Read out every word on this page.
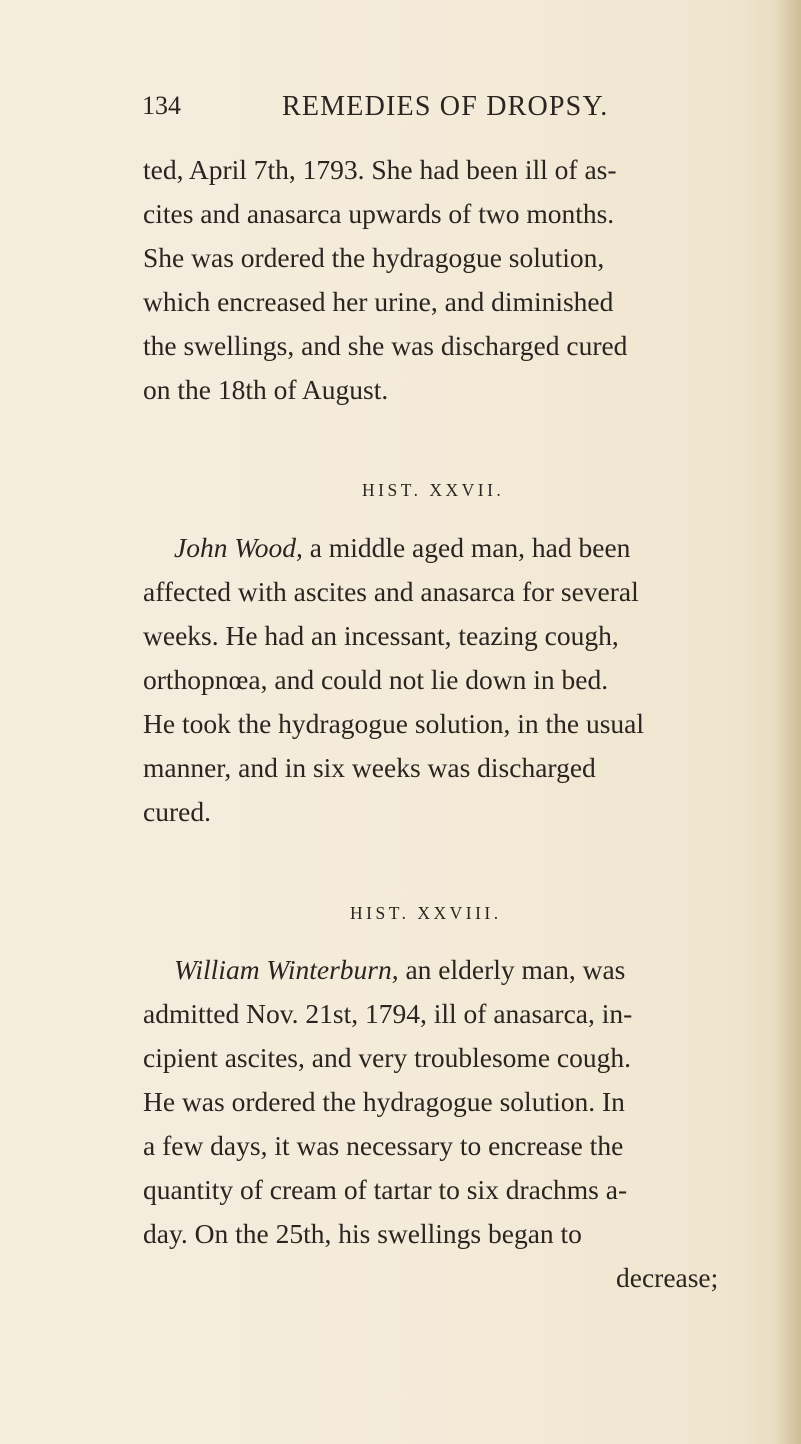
134	REMEDIES OF DROPSY.
ted, April 7th, 1793. She had been ill of as-
cites and anasarca upwards of two months.
She was ordered the hydragogue solution,
which encreased her urine, and diminished
the swellings, and she was discharged cured
on the 18th of August.
HIST. XXVII.
John Wood, a middle aged man, had been
affected with ascites and anasarca for several
weeks. He had an incessant, teazing cough,
orthopnœa, and could not lie down in bed.
He took the hydragogue solution, in the usual
manner, and in six weeks was discharged
cured.
HIST. XXVIII.
William Winterburn, an elderly man, was
admitted Nov. 21st, 1794, ill of anasarca, in-
cipient ascites, and very troublesome cough.
He was ordered the hydragogue solution. In
a few days, it was necessary to encrease the
quantity of cream of tartar to six drachms a-
day. On the 25th, his swellings began to
decrease;
